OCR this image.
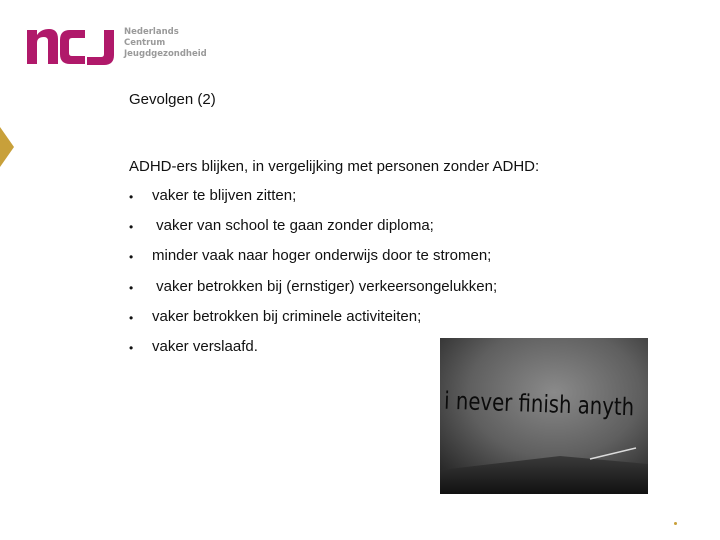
ncj
Nederlands
Centrum
Jeugdgezondheid
Gevolgen (2)
ADHD-ers blijken, in vergelijking met personen zonder ADHD:
•	vaker te blijven zitten;
•	vaker van school te gaan zonder diploma;
•	minder vaak naar hoger onderwijs door te stromen;
•	vaker betrokken bij (ernstiger) verkeersongelukken;
•	vaker betrokken bij criminele activiteiten;
•	vaker verslaafd.
i never finish anyth
